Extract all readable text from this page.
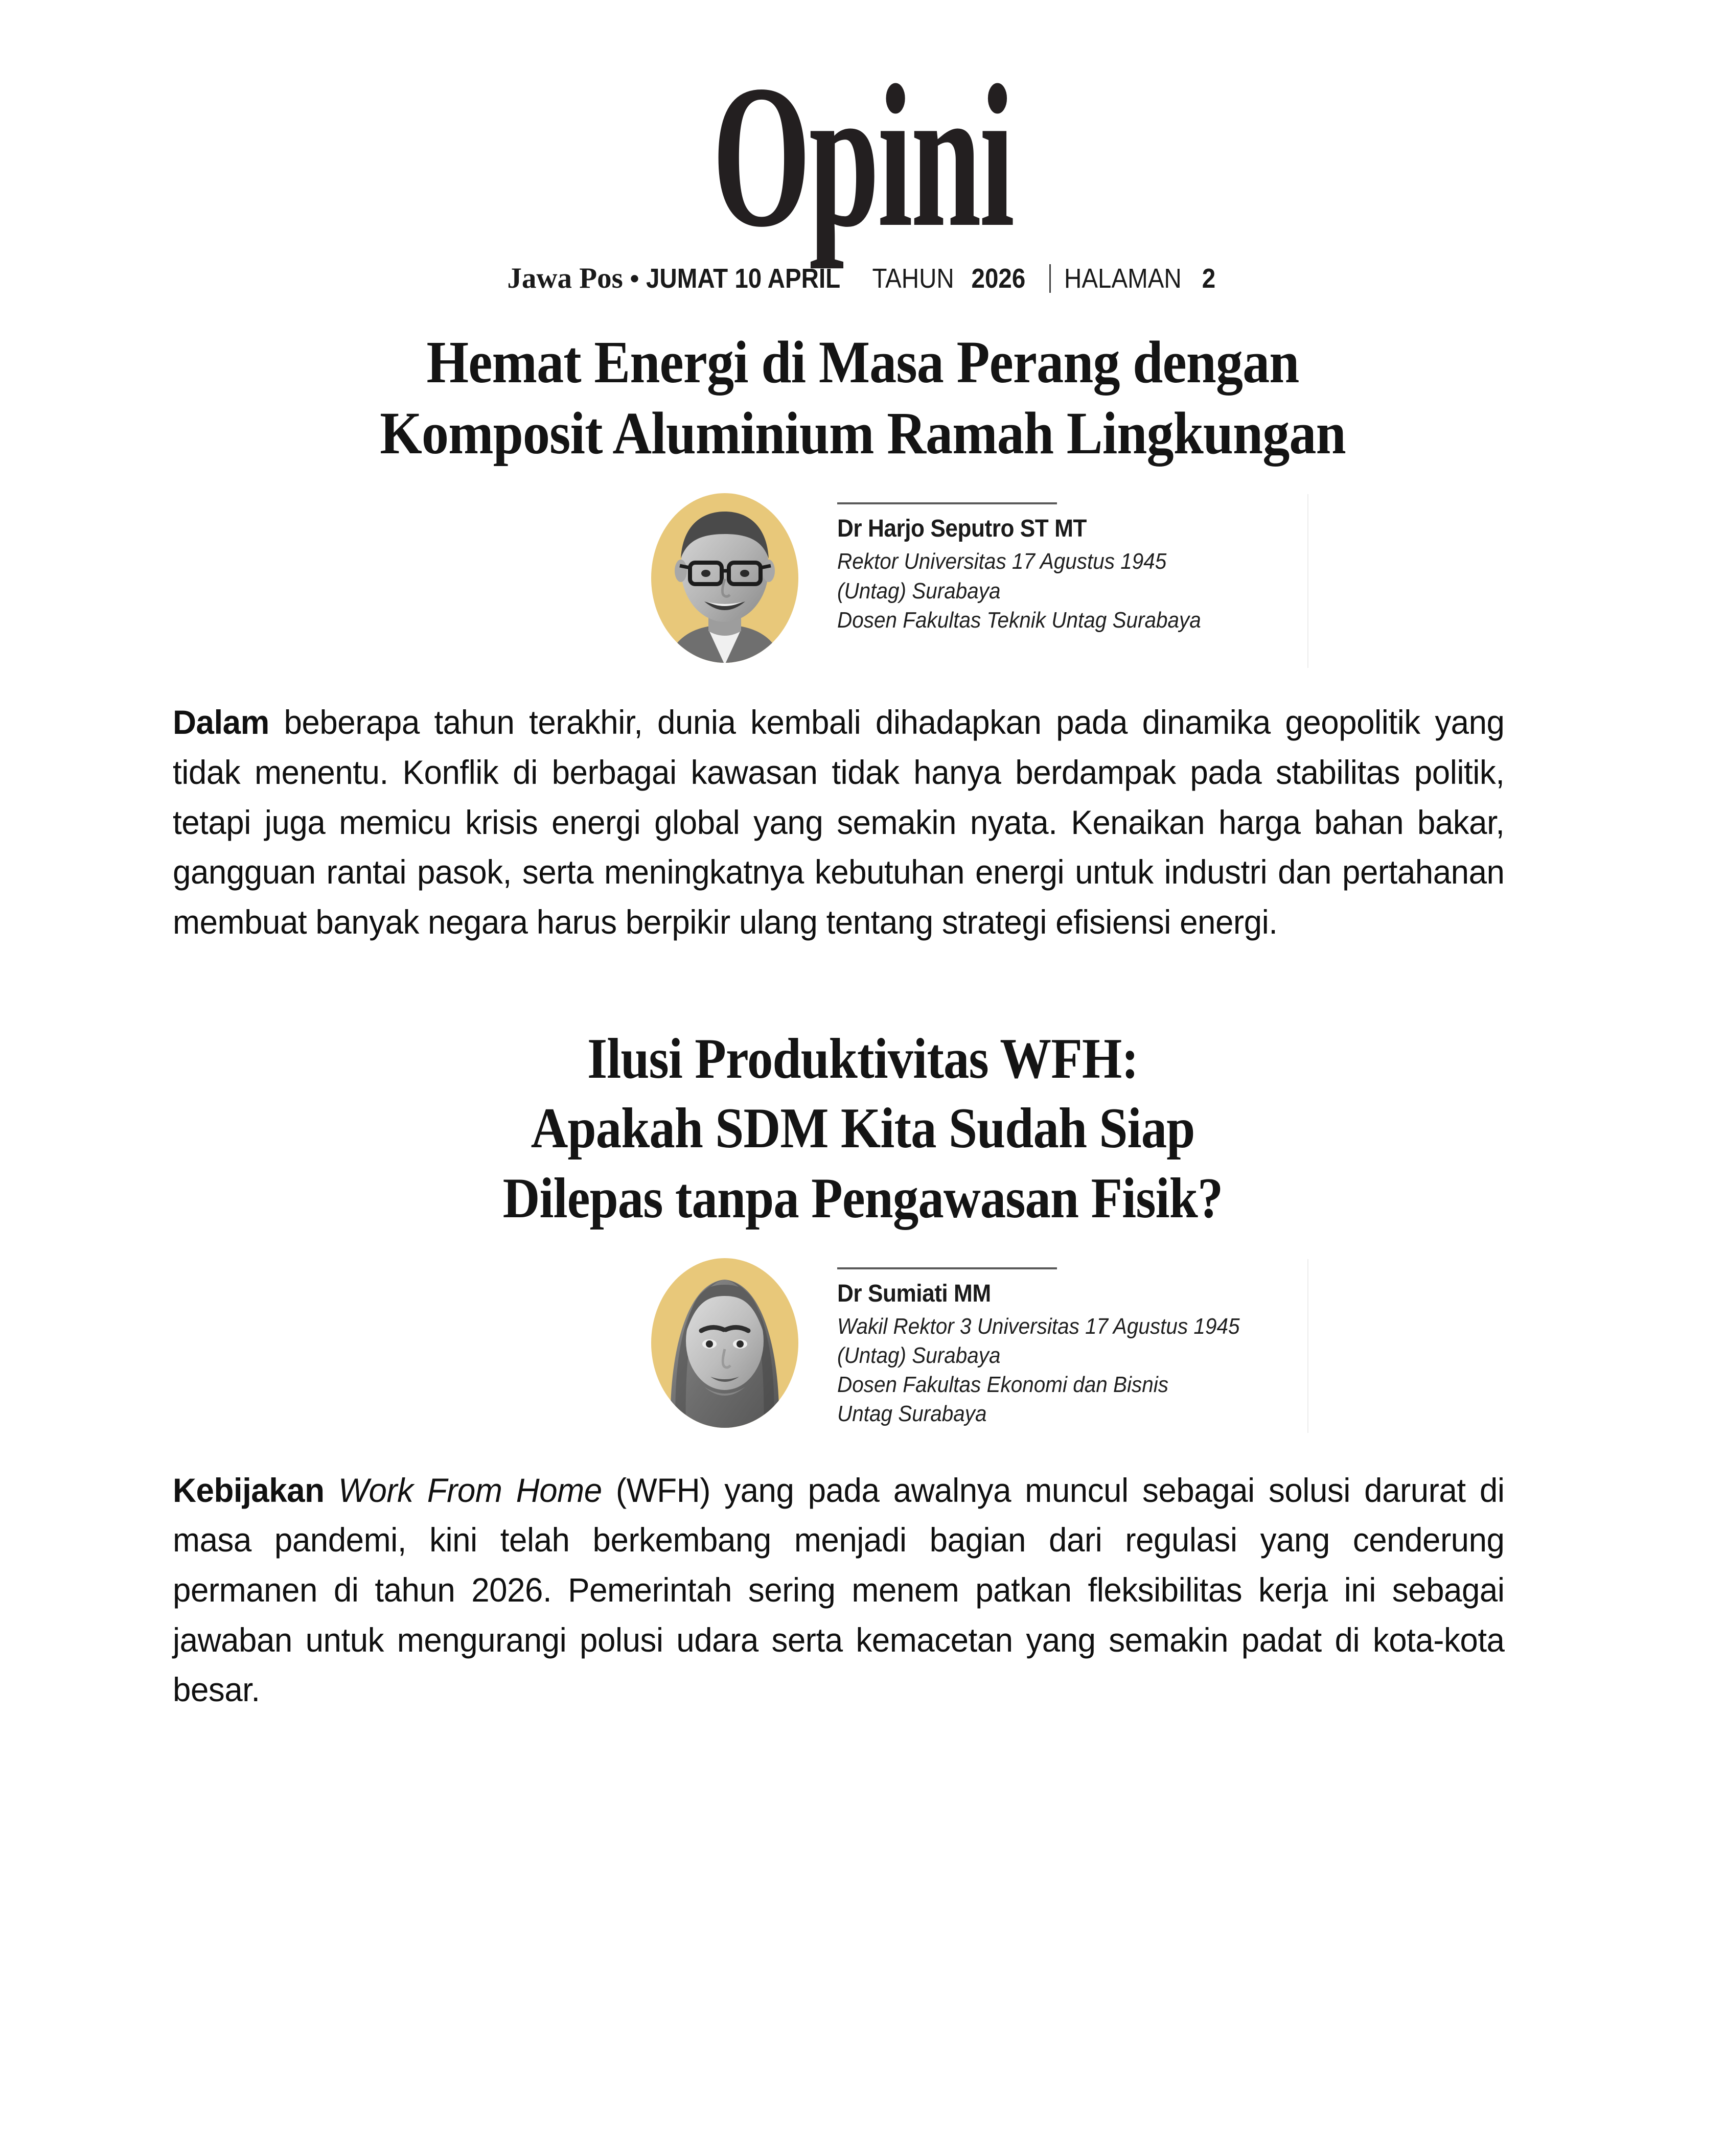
Opini
Jawa Pos • JUMAT 10 APRIL TAHUN 2026 HALAMAN 2
Hemat Energi di Masa Perang dengan
Komposit Aluminium Ramah Lingkungan
Dr Harjo Seputro ST MT
Rektor Universitas 17 Agustus 1945
(Untag) Surabaya
Dosen Fakultas Teknik Untag Surabaya
Dalam beberapa tahun terakhir, dunia kembali dihadapkan pada dinamika geopolitik yang tidak menentu. Konflik di berbagai kawasan tidak hanya berdampak pada stabilitas politik, tetapi juga memicu krisis energi global yang semakin nyata. Kenaikan harga bahan bakar, gangguan rantai pasok, serta meningkatnya kebutuhan energi untuk industri dan pertahanan membuat banyak negara harus berpikir ulang tentang strategi efisiensi energi.
Ilusi Produktivitas WFH:
Apakah SDM Kita Sudah Siap
Dilepas tanpa Pengawasan Fisik?
Dr Sumiati MM
Wakil Rektor 3 Universitas 17 Agustus 1945
(Untag) Surabaya
Dosen Fakultas Ekonomi dan Bisnis
Untag Surabaya
Kebijakan Work From Home (WFH) yang pada awalnya muncul sebagai solusi darurat di masa pandemi, kini telah berkembang menjadi bagian dari regulasi yang cenderung permanen di tahun 2026. Pemerintah sering menem patkan fleksibilitas kerja ini sebagai jawaban untuk mengurangi polusi udara serta kemacetan yang semakin padat di kota-kota besar.
